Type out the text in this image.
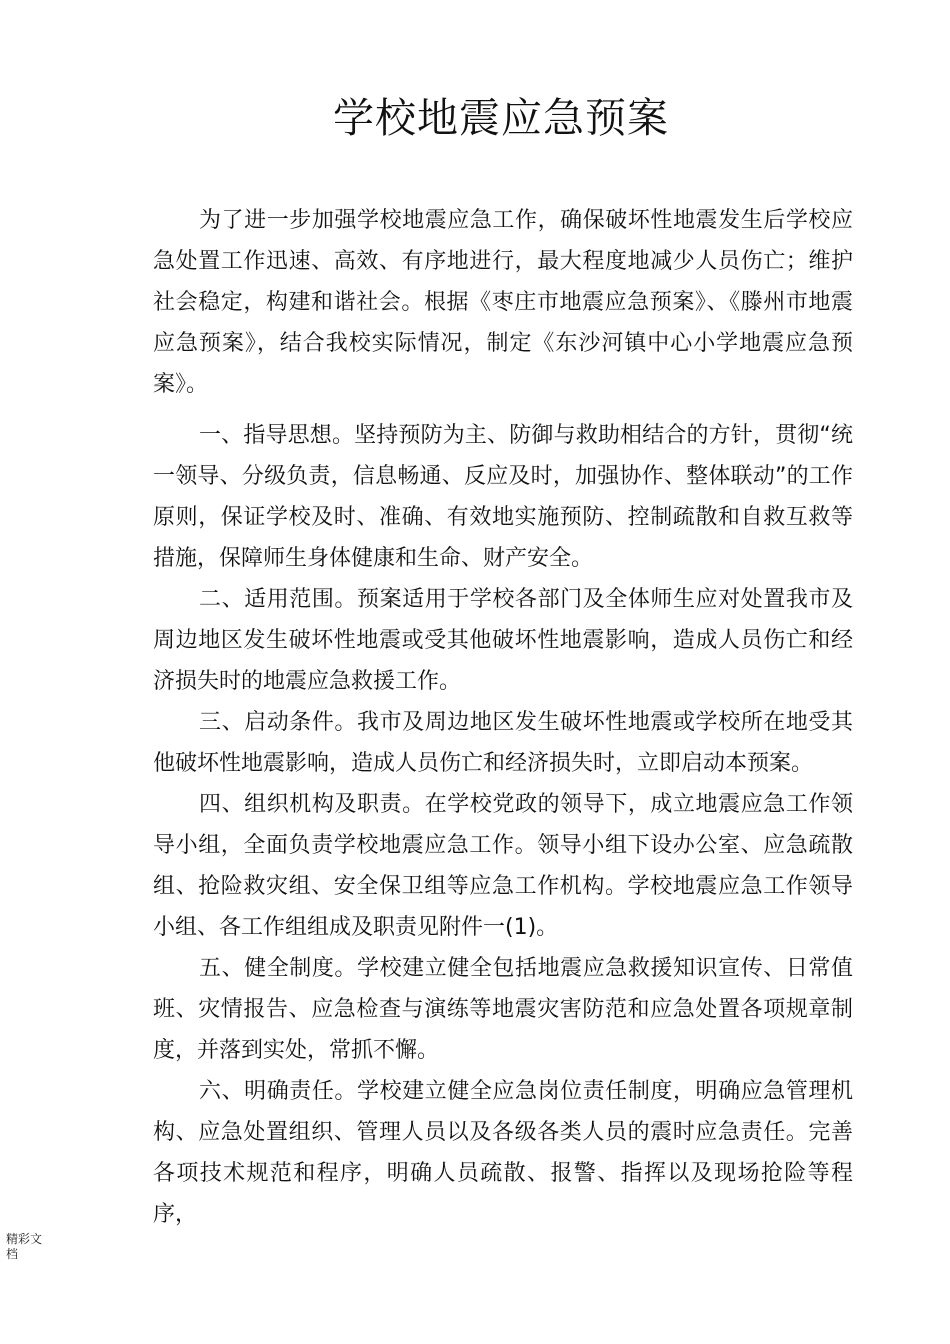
学校地震应急预案

为了进一步加强学校地震应急工作，确保破坏性地震发生后学校应急处置工作迅速、高效、有序地进行，最大程度地减少人员伤亡；维护社会稳定，构建和谐社会。根据《枣庄市地震应急预案》、《滕州市地震应急预案》，结合我校实际情况，制定《东沙河镇中心小学地震应急预案》。

一、指导思想。坚持预防为主、防御与救助相结合的方针，贯彻“统一领导、分级负责，信息畅通、反应及时，加强协作、整体联动”的工作原则，保证学校及时、准确、有效地实施预防、控制疏散和自救互救等措施，保障师生身体健康和生命、财产安全。

二、适用范围。预案适用于学校各部门及全体师生应对处置我市及周边地区发生破坏性地震或受其他破坏性地震影响，造成人员伤亡和经济损失时的地震应急救援工作。

三、启动条件。我市及周边地区发生破坏性地震或学校所在地受其他破坏性地震影响，造成人员伤亡和经济损失时，立即启动本预案。

四、组织机构及职责。在学校党政的领导下，成立地震应急工作领导小组，全面负责学校地震应急工作。领导小组下设办公室、应急疏散组、抢险救灾组、安全保卫组等应急工作机构。学校地震应急工作领导小组、各工作组组成及职责见附件一(1)。

五、健全制度。学校建立健全包括地震应急救援知识宣传、日常值班、灾情报告、应急检查与演练等地震灾害防范和应急处置各项规章制度，并落到实处，常抓不懈。

六、明确责任。学校建立健全应急岗位责任制度，明确应急管理机构、应急处置组织、管理人员以及各级各类人员的震时应急责任。完善各项技术规范和程序，明确人员疏散、报警、指挥以及现场抢险等程序，

精彩文档
